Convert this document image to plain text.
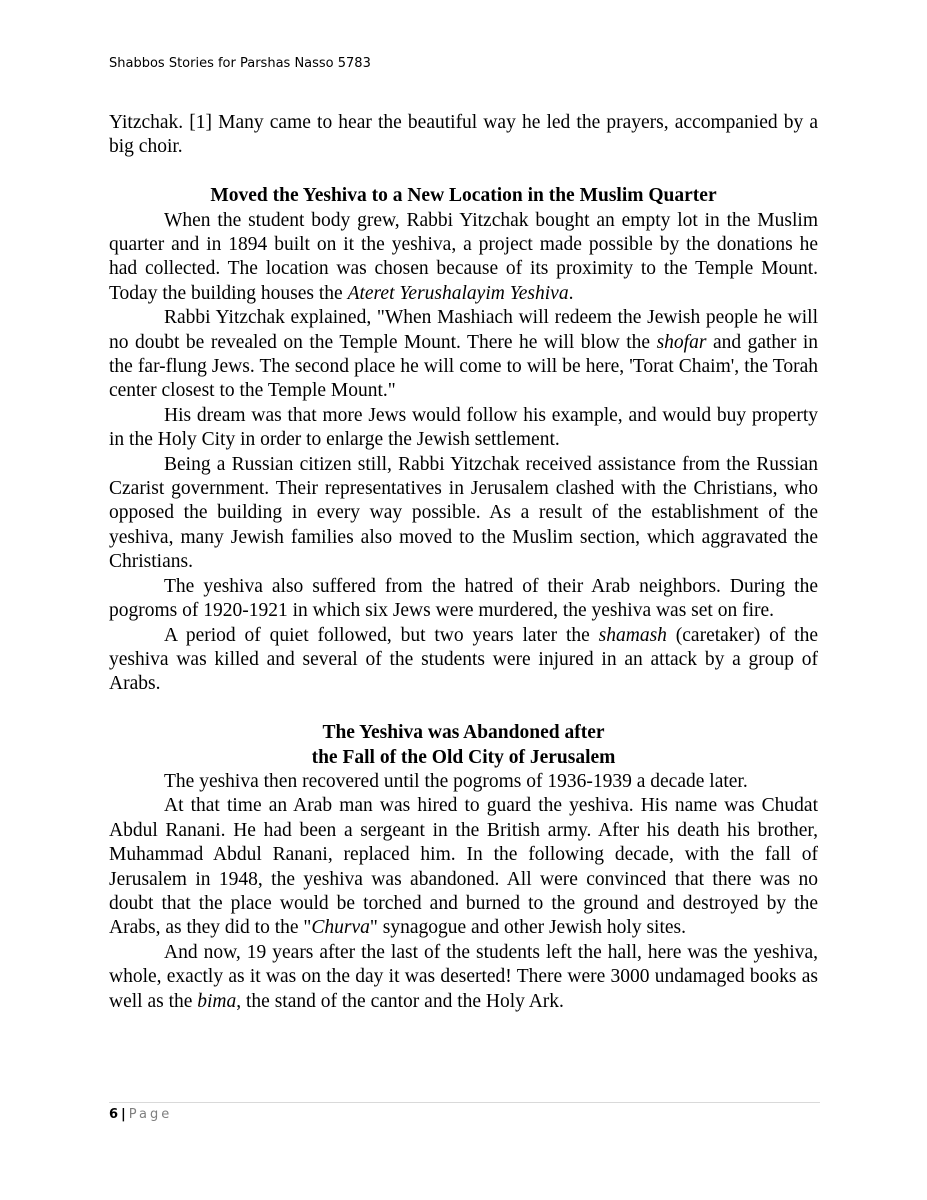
Shabbos Stories for Parshas Nasso 5783

Yitzchak. [1] Many came to hear the beautiful way he led the prayers, accompanied by a big choir.

Moved the Yeshiva to a New Location in the Muslim Quarter

When the student body grew, Rabbi Yitzchak bought an empty lot in the Muslim quarter and in 1894 built on it the yeshiva, a project made possible by the donations he had collected. The location was chosen because of its proximity to the Temple Mount. Today the building houses the Ateret Yerushalayim Yeshiva.

Rabbi Yitzchak explained, "When Mashiach will redeem the Jewish people he will no doubt be revealed on the Temple Mount. There he will blow the shofar and gather in the far-flung Jews. The second place he will come to will be here, 'Torat Chaim', the Torah center closest to the Temple Mount."

His dream was that more Jews would follow his example, and would buy property in the Holy City in order to enlarge the Jewish settlement.

Being a Russian citizen still, Rabbi Yitzchak received assistance from the Russian Czarist government. Their representatives in Jerusalem clashed with the Christians, who opposed the building in every way possible. As a result of the establishment of the yeshiva, many Jewish families also moved to the Muslim section, which aggravated the Christians.

The yeshiva also suffered from the hatred of their Arab neighbors. During the pogroms of 1920-1921 in which six Jews were murdered, the yeshiva was set on fire.

A period of quiet followed, but two years later the shamash (caretaker) of the yeshiva was killed and several of the students were injured in an attack by a group of Arabs.

The Yeshiva was Abandoned after

the Fall of the Old City of Jerusalem

The yeshiva then recovered until the pogroms of 1936-1939 a decade later.

At that time an Arab man was hired to guard the yeshiva. His name was Chudat Abdul Ranani. He had been a sergeant in the British army. After his death his brother, Muhammad Abdul Ranani, replaced him. In the following decade, with the fall of Jerusalem in 1948, the yeshiva was abandoned. All were convinced that there was no doubt that the place would be torched and burned to the ground and destroyed by the Arabs, as they did to the "Churva" synagogue and other Jewish holy sites.

And now, 19 years after the last of the students left the hall, here was the yeshiva, whole, exactly as it was on the day it was deserted! There were 3000 undamaged books as well as the bima, the stand of the cantor and the Holy Ark.

6 | Page
